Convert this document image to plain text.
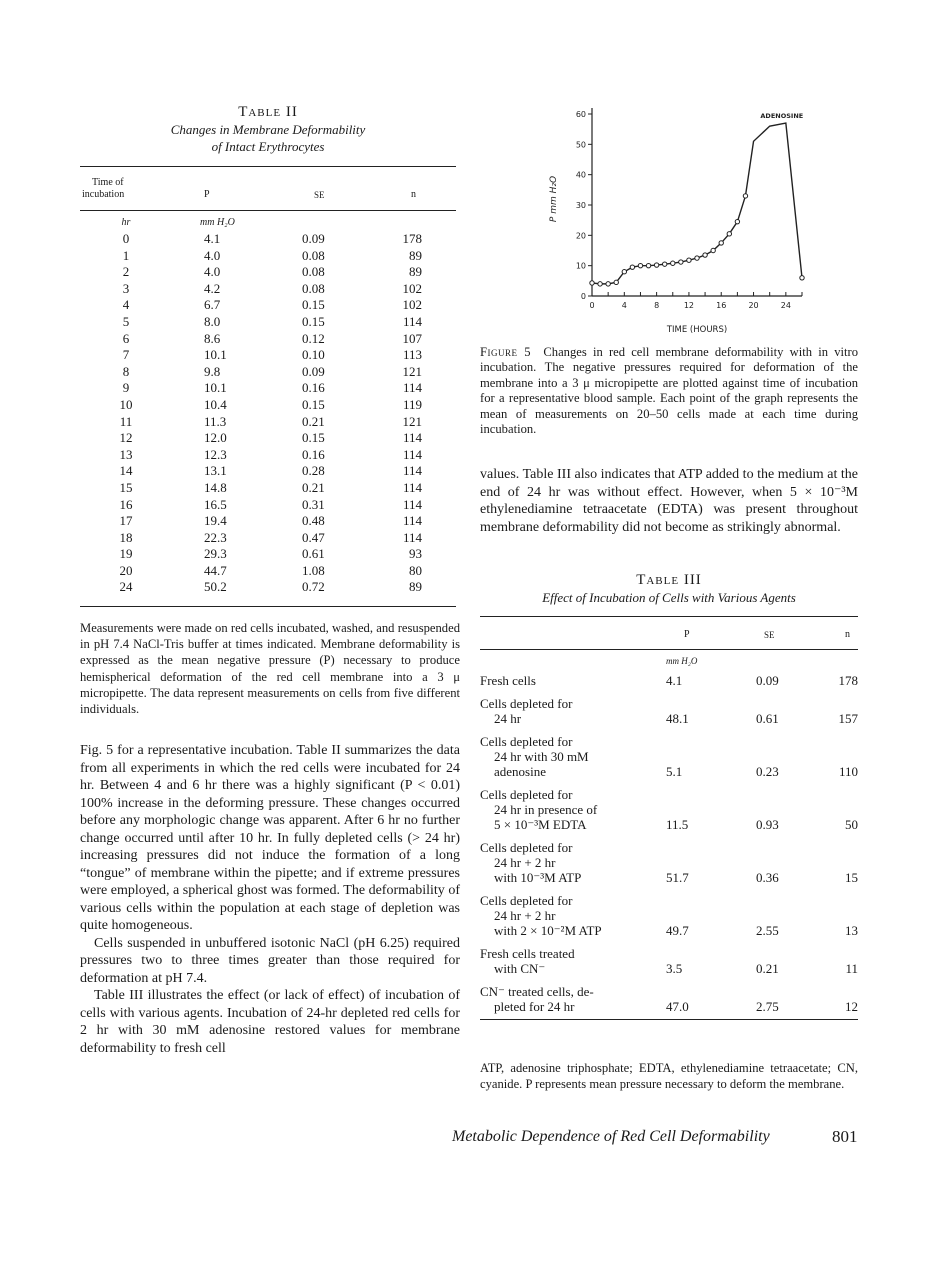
Table II
Changes in Membrane Deformability
of Intact Erythrocytes
Time of
incubation	P	SE	n
hr	mm H₂O
0	4.1	0.09	178
1	4.0	0.08	89
2	4.0	0.08	89
3	4.2	0.08	102
4	6.7	0.15	102
5	8.0	0.15	114
6	8.6	0.12	107
7	10.1	0.10	113
8	9.8	0.09	121
9	10.1	0.16	114
10	10.4	0.15	119
11	11.3	0.21	121
12	12.0	0.15	114
13	12.3	0.16	114
14	13.1	0.28	114
15	14.8	0.21	114
16	16.5	0.31	114
17	19.4	0.48	114
18	22.3	0.47	114
19	29.3	0.61	93
20	44.7	1.08	80
24	50.2	0.72	89
Measurements were made on red cells incubated, washed, and resuspended in pH 7.4 NaCl-Tris buffer at times indicated. Membrane deformability is expressed as the mean negative pressure (P) necessary to produce hemispherical deformation of the red cell membrane into a 3 μ micropipette. The data represent measurements on cells from five different individuals.

Fig. 5 for a representative incubation. Table II summarizes the data from all experiments in which the red cells were incubated for 24 hr. Between 4 and 6 hr there was a highly significant (P < 0.01) 100% increase in the deforming pressure. These changes occurred before any morphologic change was apparent. After 6 hr no further change occurred until after 10 hr. In fully depleted cells (> 24 hr) increasing pressures did not induce the formation of a long “tongue” of membrane within the pipette; and if extreme pressures were employed, a spherical ghost was formed. The deformability of various cells within the population at each stage of depletion was quite homogeneous.

Cells suspended in unbuffered isotonic NaCl (pH 6.25) required pressures two to three times greater than those required for deformation at pH 7.4.

Table III illustrates the effect (or lack of effect) of incubation of cells with various agents. Incubation of 24-hr depleted red cells for 2 hr with 30 mM adenosine restored values for membrane deformability to fresh cell

0
10
20
30
40
50
60
0	4	8	12	16	20	24
TIME (HOURS)
P mm H₂O
ADENOSINE
Figure 5 Changes in red cell membrane deformability with in vitro incubation. The negative pressures required for deformation of the membrane into a 3 μ micropipette are plotted against time of incubation for a representative blood sample. Each point of the graph represents the mean of measurements on 20–50 cells made at each time during incubation.

values. Table III also indicates that ATP added to the medium at the end of 24 hr was without effect. However, when 5 × 10⁻³M ethylenediamine tetraacetate (EDTA) was present throughout membrane deformability did not become as strikingly abnormal.

Table III
Effect of Incubation of Cells with Various Agents
P	SE	n
mm H₂O
Fresh cells	4.1	0.09	178
Cells depleted for
24 hr	48.1	0.61	157
Cells depleted for
24 hr with 30 mM
adenosine	5.1	0.23	110
Cells depleted for
24 hr in presence of
5 × 10⁻³M EDTA	11.5	0.93	50
Cells depleted for
24 hr + 2 hr
with 10⁻³M ATP	51.7	0.36	15
Cells depleted for
24 hr + 2 hr
with 2 × 10⁻²M ATP	49.7	2.55	13
Fresh cells treated
with CN⁻	3.5	0.21	11
CN⁻ treated cells, de-
pleted for 24 hr	47.0	2.75	12
ATP, adenosine triphosphate; EDTA, ethylenediamine tetraacetate; CN, cyanide. P represents mean pressure necessary to deform the membrane.
Metabolic Dependence of Red Cell Deformability	801
